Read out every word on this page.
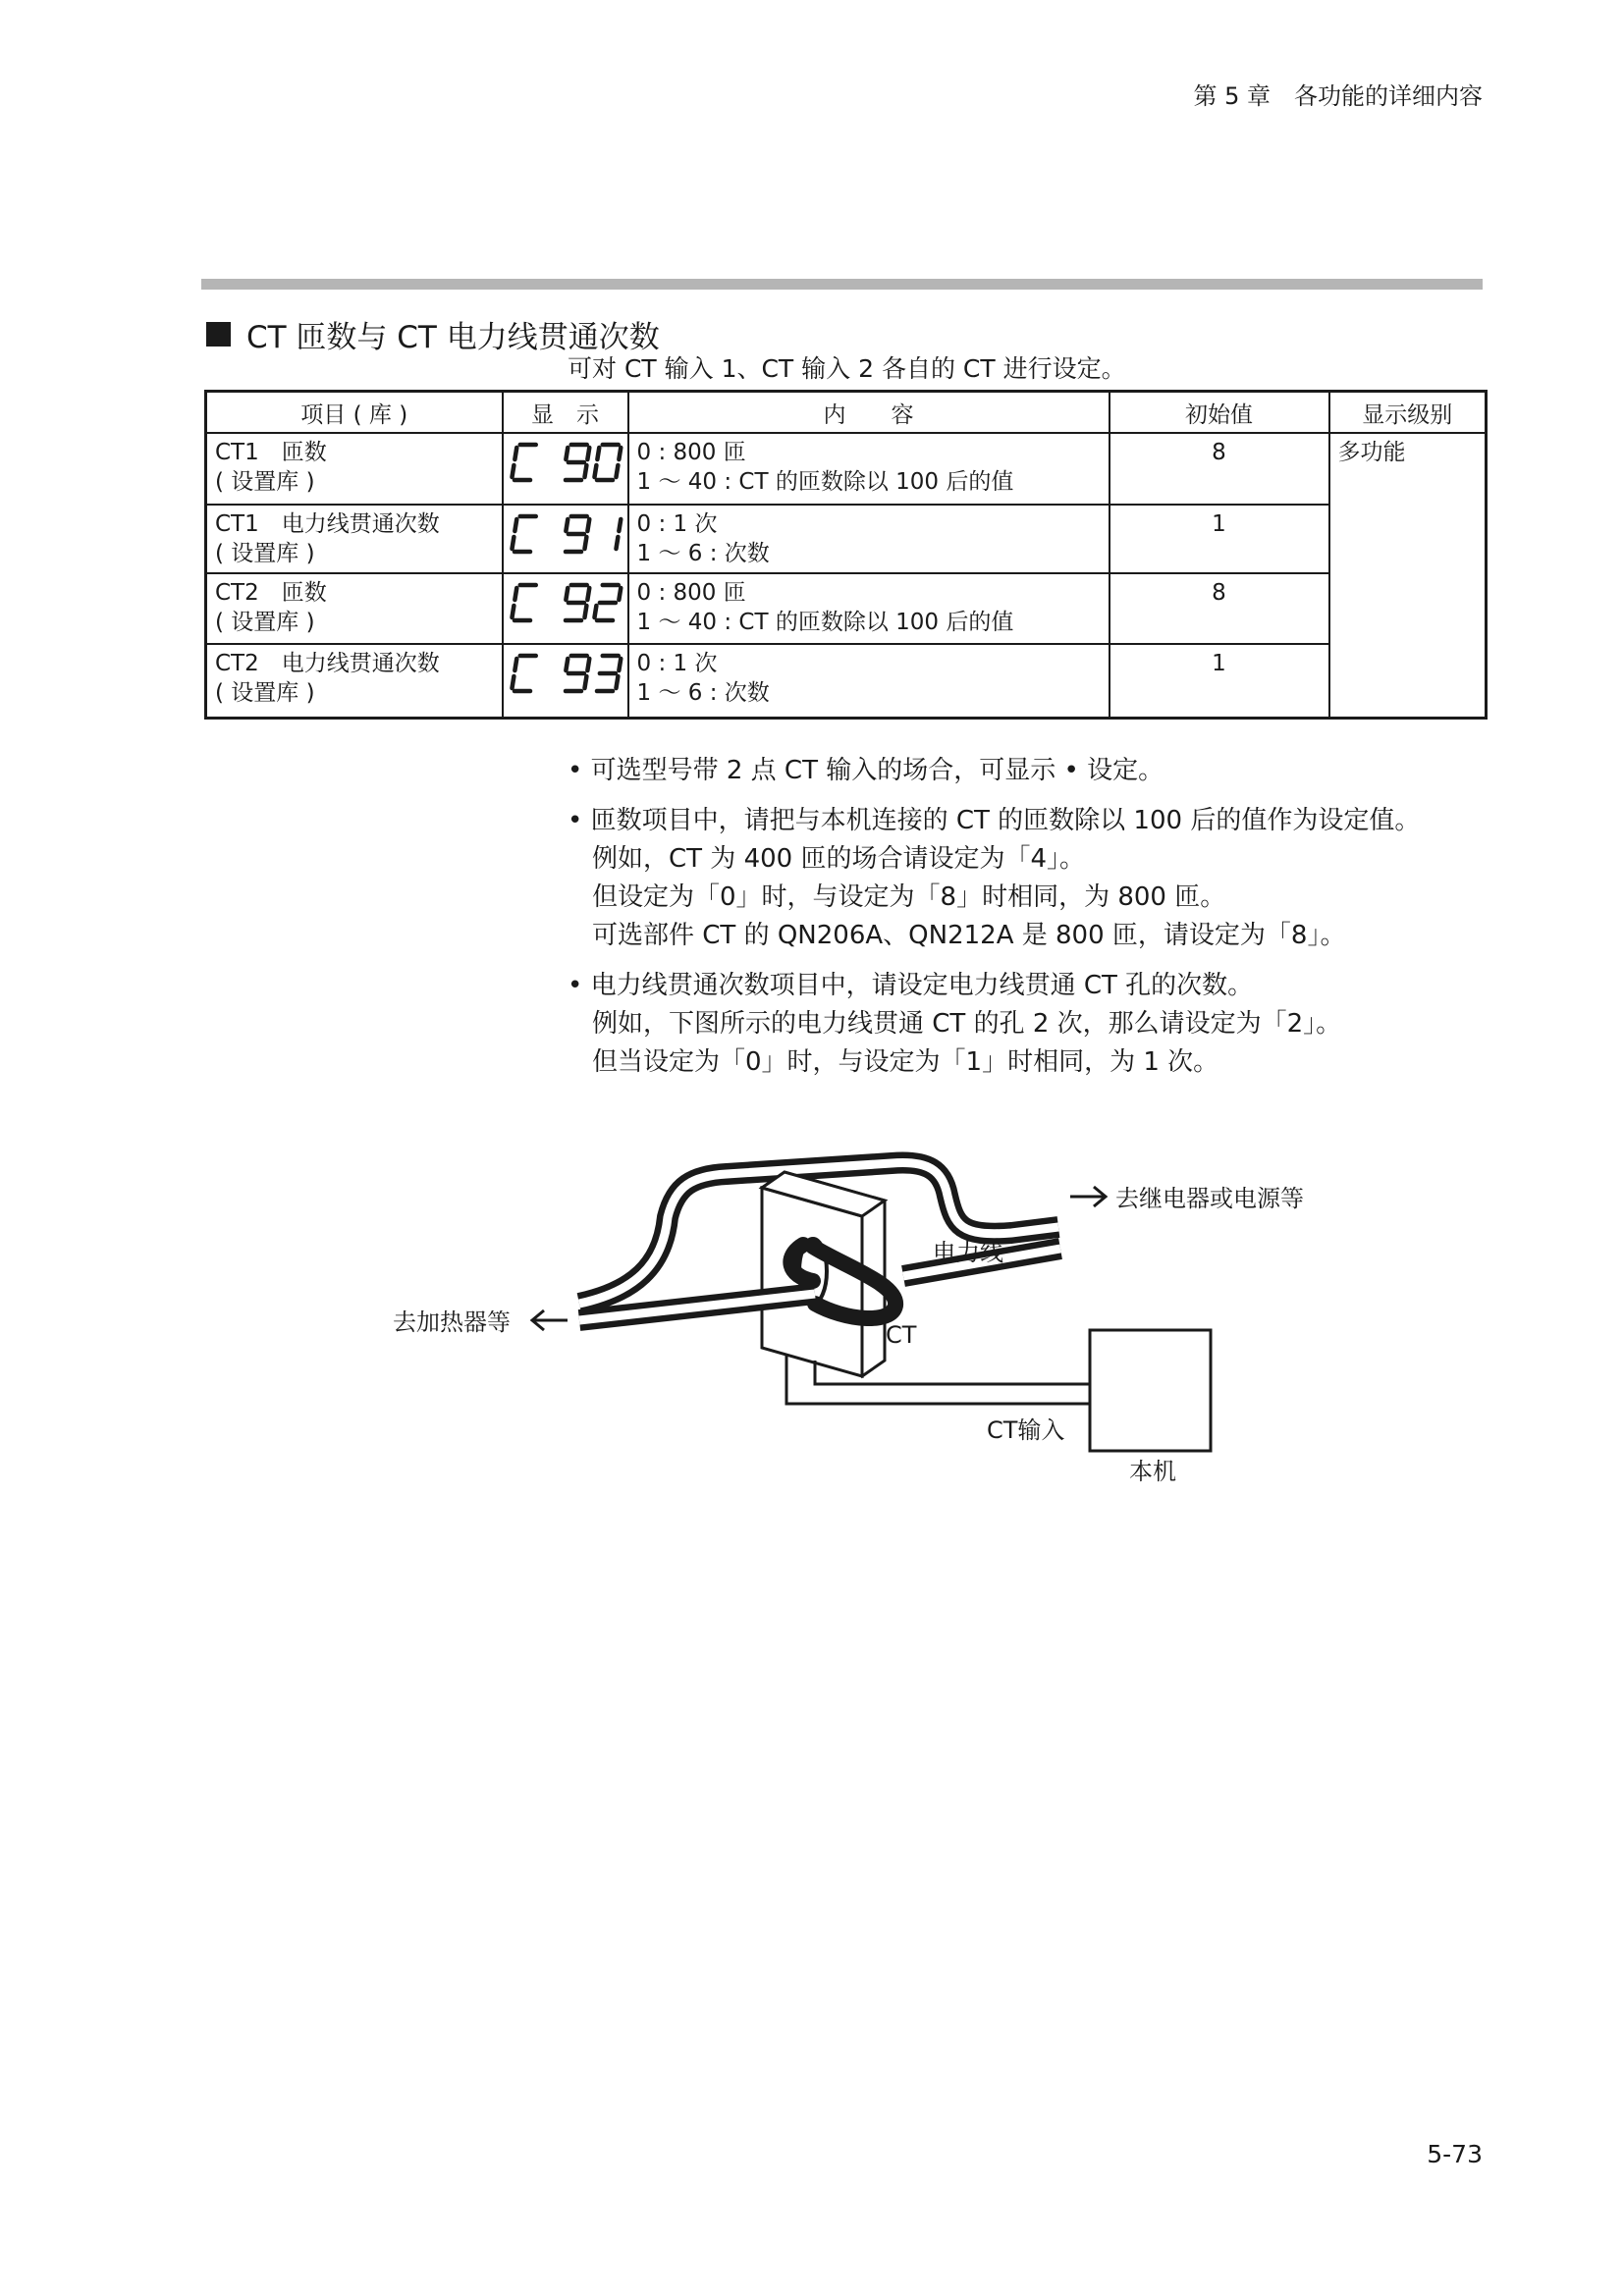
第 5 章　各功能的详细内容
CT 匝数与 CT 电力线贯通次数
可对 CT 输入 1、CT 输入 2 各自的 CT 进行设定。
项目 ( 库 )	显　示	内　　容	初始值	显示级别

CT1　匝数
( 设置库 )		0 : 800 匝
1 ～ 40 : CT 的匝数除以 100 后的值	8	多功能

CT1　电力线贯通次数
( 设置库 )		0 : 1 次
1 ～ 6 : 次数	1	

CT2　匝数
( 设置库 )		0 : 800 匝
1 ～ 40 : CT 的匝数除以 100 后的值	8	

CT2　电力线贯通次数
( 设置库 )		0 : 1 次
1 ～ 6 : 次数	1	
• 可选型号带 2 点 CT 输入的场合，可显示 • 设定。
• 匝数项目中，请把与本机连接的 CT 的匝数除以 100 后的值作为设定值。
例如，CT 为 400 匝的场合请设定为「4」。
但设定为「0」时，与设定为「8」时相同，为 800 匝。
可选部件 CT 的 QN206A、QN212A 是 800 匝，请设定为「8」。
• 电力线贯通次数项目中，请设定电力线贯通 CT 孔的次数。
例如，下图所示的电力线贯通 CT 的孔 2 次，那么请设定为「2」。
但当设定为「0」时，与设定为「1」时相同，为 1 次。
去继电器或电源等
电力线
去加热器等	CT
CT输入
本机
5-73
